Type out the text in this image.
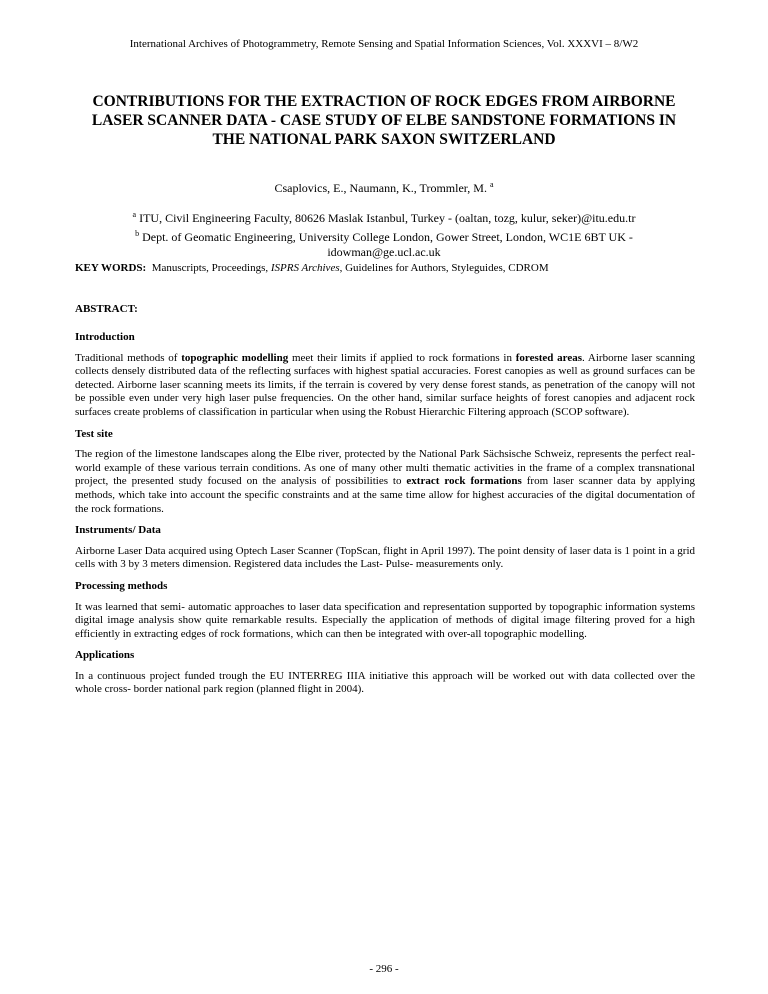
International Archives of Photogrammetry, Remote Sensing and Spatial Information Sciences, Vol. XXXVI – 8/W2
CONTRIBUTIONS FOR THE EXTRACTION OF ROCK EDGES FROM AIRBORNE
LASER SCANNER DATA - CASE STUDY OF ELBE SANDSTONE FORMATIONS IN
THE NATIONAL PARK SAXON SWITZERLAND
Csaplovics, E., Naumann, K., Trommler, M. $^a$
$^a$ ITU, Civil Engineering Faculty, 80626 Maslak Istanbul, Turkey - (oaltan, tozg, kulur, seker)@itu.edu.tr
$^b$ Dept. of Geomatic Engineering, University College London, Gower Street, London, WC1E 6BT UK -
idowman@ge.ucl.ac.uk
KEY WORDS: Manuscripts, Proceedings, ISPRS Archives, Guidelines for Authors, Styleguides, CDROM
ABSTRACT:
Introduction
Traditional methods of topographic modelling meet their limits if applied to rock formations in forested areas. Airborne laser scanning collects densely distributed data of the reflecting surfaces with highest spatial accuracies. Forest canopies as well as ground surfaces can be detected. Airborne laser scanning meets its limits, if the terrain is covered by very dense forest stands, as penetration of the canopy will not be possible even under very high laser pulse frequencies. On the other hand, similar surface heights of forest canopies and adjacent rock surfaces create problems of classification in particular when using the Robust Hierarchic Filtering approach (SCOP software).
Test site
The region of the limestone landscapes along the Elbe river, protected by the National Park Sächsische Schweiz, represents the perfect real-world example of these various terrain conditions. As one of many other multi thematic activities in the frame of a complex transnational project, the presented study focused on the analysis of possibilities to extract rock formations from laser scanner data by applying methods, which take into account the specific constraints and at the same time allow for highest accuracies of the digital documentation of the rock formations.
Instruments/ Data
Airborne Laser Data acquired using Optech Laser Scanner (TopScan, flight in April 1997). The point density of laser data is 1 point in a grid cells with 3 by 3 meters dimension. Registered data includes the Last- Pulse- measurements only.
Processing methods
It was learned that semi- automatic approaches to laser data specification and representation supported by topographic information systems digital image analysis show quite remarkable results. Especially the application of methods of digital image filtering proved for a high efficiently in extracting edges of rock formations, which can then be integrated with over-all topographic modelling.
Applications
In a continuous project funded trough the EU INTERREG IIIA initiative this approach will be worked out with data collected over the whole cross- border national park region (planned flight in 2004).
- 296 -
